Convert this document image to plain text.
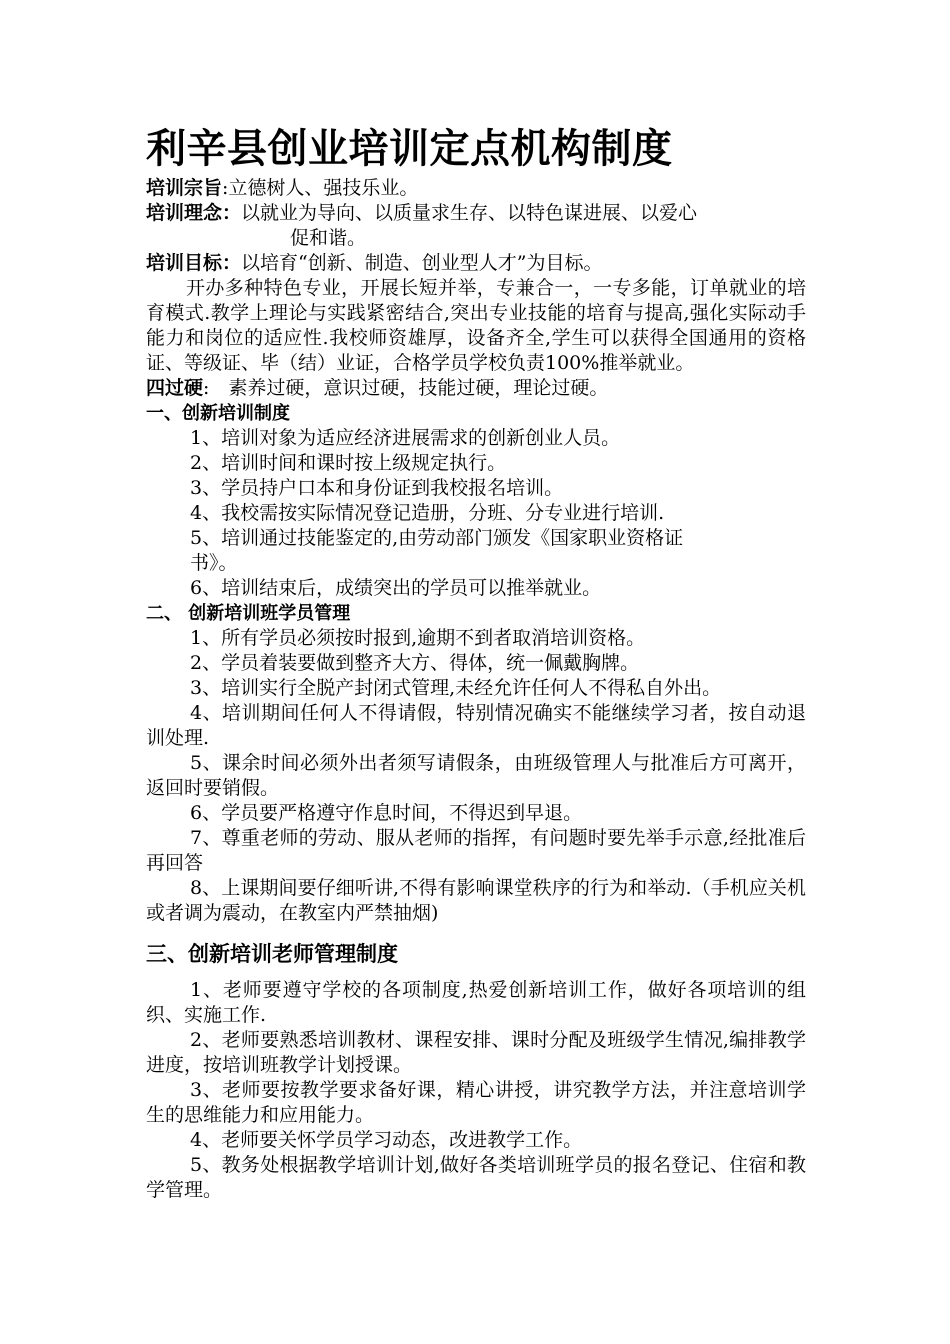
利辛县创业培训定点机构制度

培训宗旨:立德树人、强技乐业。

培训理念：以就业为导向、以质量求生存、以特色谋进展、以爱心

促和谐。

培训目标：以培育“创新、制造、创业型人才”为目标。

开办多种特色专业，开展长短并举，专兼合一，一专多能，订单就业的培育模式.教学上理论与实践紧密结合,突出专业技能的培育与提高,强化实际动手能力和岗位的适应性.我校师资雄厚，设备齐全,学生可以获得全国通用的资格证、等级证、毕（结）业证，合格学员学校负责100%推举就业。

四过硬:　素养过硬，意识过硬，技能过硬，理论过硬。

一、创新培训制度

1、培训对象为适应经济进展需求的创新创业人员。

2、培训时间和课时按上级规定执行。

3、学员持户口本和身份证到我校报名培训。

4、我校需按实际情况登记造册，分班、分专业进行培训.

5、培训通过技能鉴定的,由劳动部门颁发《国家职业资格证

书》。

6、培训结束后，成绩突出的学员可以推举就业。

二、 创新培训班学员管理

1、所有学员必须按时报到,逾期不到者取消培训资格。

2、学员着装要做到整齐大方、得体，统一佩戴胸牌。

3、培训实行全脱产封闭式管理,未经允许任何人不得私自外出。

4、培训期间任何人不得请假，特别情况确实不能继续学习者，按自动退训处理.

5、课余时间必须外出者须写请假条，由班级管理人与批准后方可离开，返回时要销假。

6、学员要严格遵守作息时间，不得迟到早退。

7、尊重老师的劳动、服从老师的指挥，有问题时要先举手示意,经批准后再回答

8、上课期间要仔细听讲,不得有影响课堂秩序的行为和举动.（手机应关机或者调为震动，在教室内严禁抽烟)

三、创新培训老师管理制度

1、老师要遵守学校的各项制度,热爱创新培训工作，做好各项培训的组织、实施工作.

2、老师要熟悉培训教材、课程安排、课时分配及班级学生情况,编排教学进度，按培训班教学计划授课。

3、老师要按教学要求备好课，精心讲授，讲究教学方法，并注意培训学生的思维能力和应用能力。

4、老师要关怀学员学习动态，改进教学工作。

5、教务处根据教学培训计划,做好各类培训班学员的报名登记、住宿和教学管理。
